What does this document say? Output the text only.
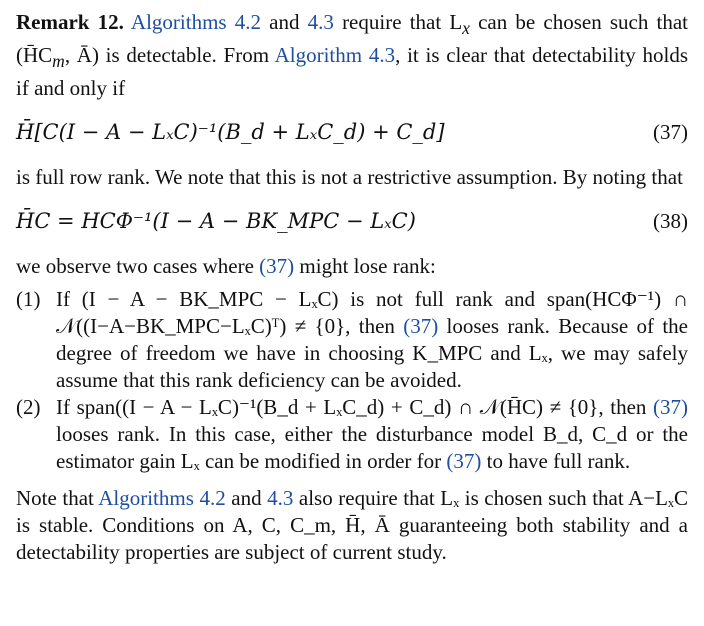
Remark 12. Algorithms 4.2 and 4.3 require that $L_x$ can be chosen such that ($H̄C_m$, Ā) is detectable. From Algorithm 4.3, it is clear that detectability holds if and only if

H̄[C(I − A − LₓC)⁻¹(B_d + LₓC_d) + C_d]	(37)

is full row rank. We note that this is not a restrictive assumption. By noting that

H̄C = HCΦ⁻¹(I − A − BK_MPC − LₓC)	(38)

we observe two cases where (37) might lose rank:

(1) If (I − A − BK_MPC − LₓC) is not full rank and span(HCΦ⁻¹) ∩ 𝒩((I−A−BK_MPC−LₓC)ᵀ) ≠ {0}, then (37) looses rank. Because of the degree of freedom we have in choosing K_MPC and Lₓ, we may safely assume that this rank deficiency can be avoided.
(2) If span((I − A − LₓC)⁻¹(B_d + LₓC_d) + C_d) ∩ 𝒩(H̄C) ≠ {0}, then (37) looses rank. In this case, either the disturbance model B_d, C_d or the estimator gain Lₓ can be modified in order for (37) to have full rank.

Note that Algorithms 4.2 and 4.3 also require that Lₓ is chosen such that A−LₓC is stable. Conditions on A, C, C_m, H̄, Ā guaranteeing both stability and a detectability properties are subject of current study.
